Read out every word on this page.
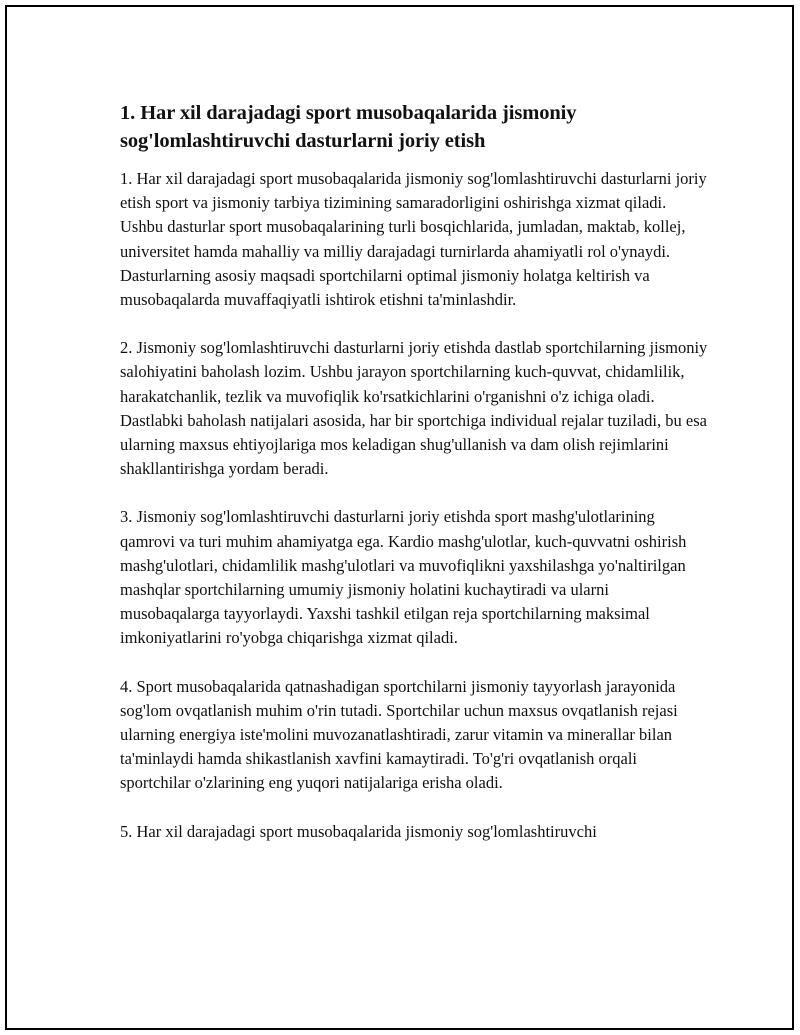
1. Har xil darajadagi sport musobaqalarida jismoniy sog'lomlashtiruvchi dasturlarni joriy etish

1. Har xil darajadagi sport musobaqalarida jismoniy sog'lomlashtiruvchi dasturlarni joriy etish sport va jismoniy tarbiya tizimining samaradorligini oshirishga xizmat qiladi. Ushbu dasturlar sport musobaqalarining turli bosqichlarida, jumladan, maktab, kollej, universitet hamda mahalliy va milliy darajadagi turnirlarda ahamiyatli rol o'ynaydi. Dasturlarning asosiy maqsadi sportchilarni optimal jismoniy holatga keltirish va musobaqalarda muvaffaqiyatli ishtirok etishni ta'minlashdir.

2. Jismoniy sog'lomlashtiruvchi dasturlarni joriy etishda dastlab sportchilarning jismoniy salohiyatini baholash lozim. Ushbu jarayon sportchilarning kuch-quvvat, chidamlilik, harakatchanlik, tezlik va muvofiqlik ko'rsatkichlarini o'rganishni o'z ichiga oladi. Dastlabki baholash natijalari asosida, har bir sportchiga individual rejalar tuziladi, bu esa ularning maxsus ehtiyojlariga mos keladigan shug'ullanish va dam olish rejimlarini shakllantirishga yordam beradi.

3. Jismoniy sog'lomlashtiruvchi dasturlarni joriy etishda sport mashg'ulotlarining qamrovi va turi muhim ahamiyatga ega. Kardio mashg'ulotlar, kuch-quvvatni oshirish mashg'ulotlari, chidamlilik mashg'ulotlari va muvofiqlikni yaxshilashga yo'naltirilgan mashqlar sportchilarning umumiy jismoniy holatini kuchaytiradi va ularni musobaqalarga tayyorlaydi. Yaxshi tashkil etilgan reja sportchilarning maksimal imkoniyatlarini ro'yobga chiqarishga xizmat qiladi.

4. Sport musobaqalarida qatnashadigan sportchilarni jismoniy tayyorlash jarayonida sog'lom ovqatlanish muhim o'rin tutadi. Sportchilar uchun maxsus ovqatlanish rejasi ularning energiya iste'molini muvozanatlashtiradi, zarur vitamin va minerallar bilan ta'minlaydi hamda shikastlanish xavfini kamaytiradi. To'g'ri ovqatlanish orqali sportchilar o'zlarining eng yuqori natijalariga erisha oladi.

5. Har xil darajadagi sport musobaqalarida jismoniy sog'lomlashtiruvchi
